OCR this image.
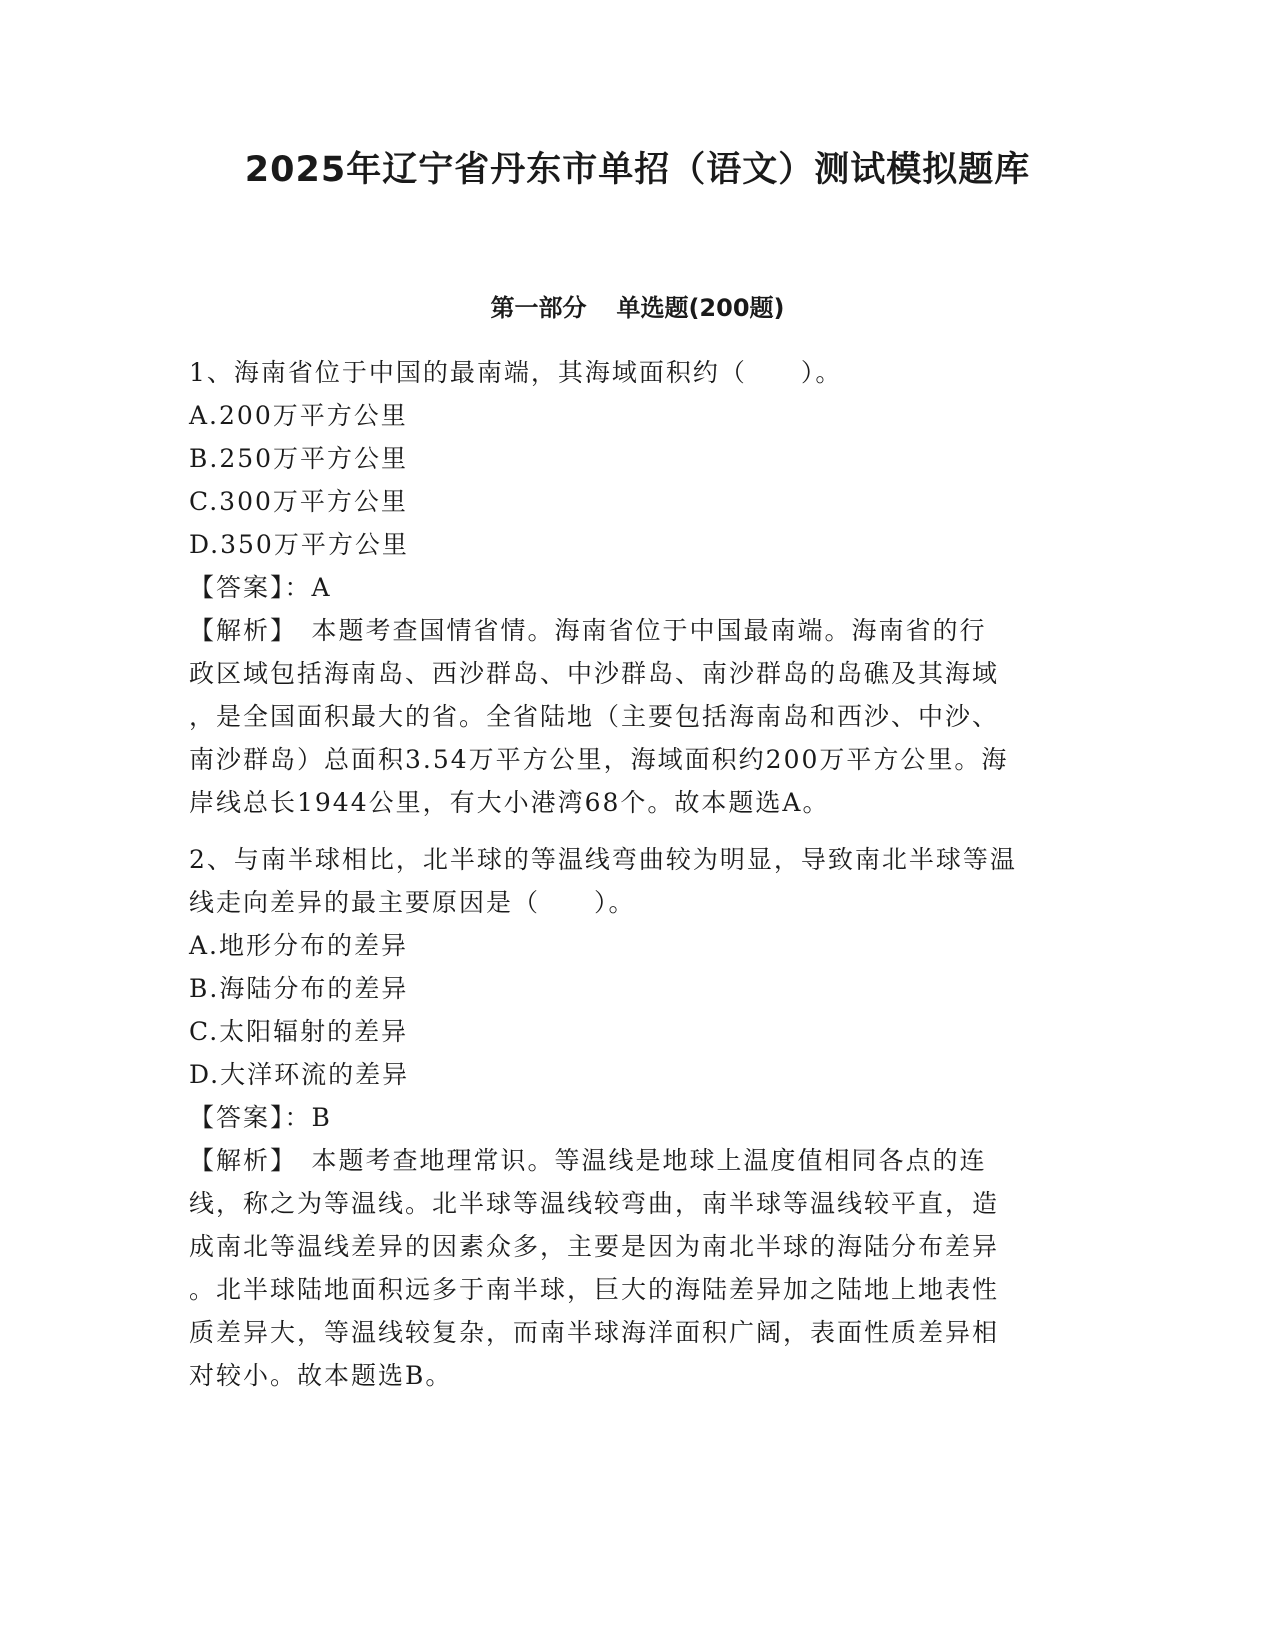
2025年辽宁省丹东市单招（语文）测试模拟题库
第一部分 单选题(200题)

1、海南省位于中国的最南端，其海域面积约（　　）。

A.200万平方公里

B.250万平方公里

C.300万平方公里

D.350万平方公里

【答案】：A

【解析】　本题考查国情省情。海南省位于中国最南端。海南省的行

政区域包括海南岛、西沙群岛、中沙群岛、南沙群岛的岛礁及其海域

，是全国面积最大的省。全省陆地（主要包括海南岛和西沙、中沙、

南沙群岛）总面积3.54万平方公里，海域面积约200万平方公里。海

岸线总长1944公里，有大小港湾68个。故本题选A。

2、与南半球相比，北半球的等温线弯曲较为明显，导致南北半球等温

线走向差异的最主要原因是（　　）。

A.地形分布的差异

B.海陆分布的差异

C.太阳辐射的差异

D.大洋环流的差异

【答案】：B

【解析】　本题考查地理常识。等温线是地球上温度值相同各点的连

线，称之为等温线。北半球等温线较弯曲，南半球等温线较平直，造

成南北等温线差异的因素众多，主要是因为南北半球的海陆分布差异

。北半球陆地面积远多于南半球，巨大的海陆差异加之陆地上地表性

质差异大，等温线较复杂，而南半球海洋面积广阔，表面性质差异相

对较小。故本题选B。
